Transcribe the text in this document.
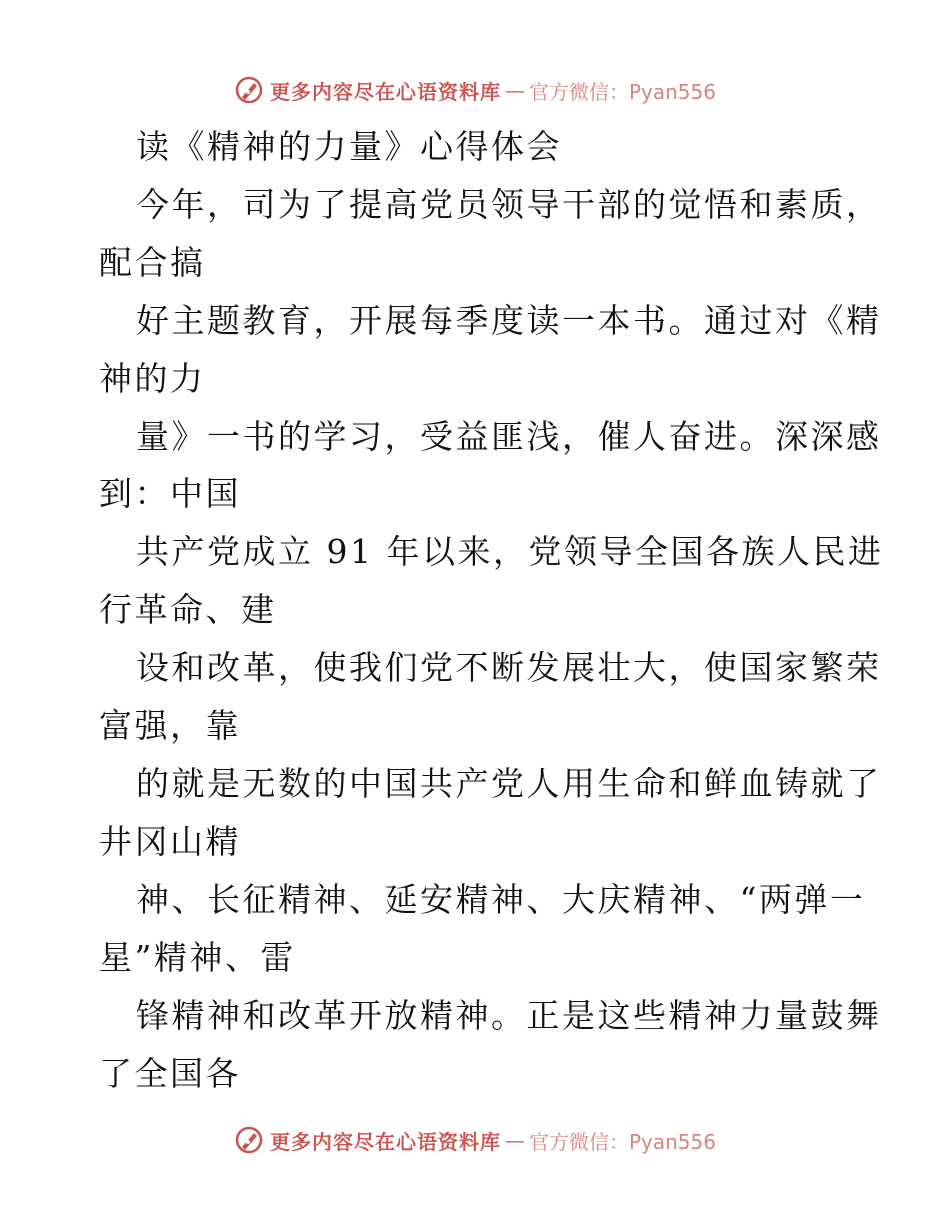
更多内容尽在心语资料库 — 官方微信：Pyan556
读《精神的力量》心得体会
今年，司为了提高党员领导干部的觉悟和素质，
配合搞
好主题教育，开展每季度读一本书。通过对《精
神的力
量》一书的学习，受益匪浅，催人奋进。深深感
到：中国
共产党成立 91 年以来，党领导全国各族人民进
行革命、建
设和改革，使我们党不断发展壮大，使国家繁荣
富强，靠
的就是无数的中国共产党人用生命和鲜血铸就了
井冈山精
神、长征精神、延安精神、大庆精神、“两弹一
星”精神、雷
锋精神和改革开放精神。正是这些精神力量鼓舞
了全国各
更多内容尽在心语资料库 — 官方微信：Pyan556
